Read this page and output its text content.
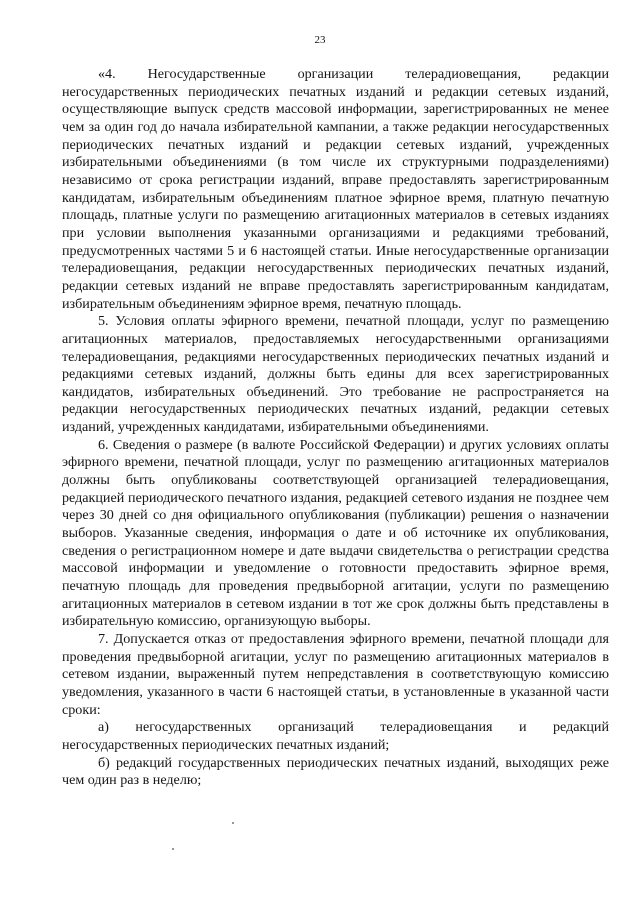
23

«4. Негосударственные организации телерадиовещания, редакции негосударственных периодических печатных изданий и редакции сетевых изданий, осуществляющие выпуск средств массовой информации, зарегистрированных не менее чем за один год до начала избирательной кампании, а также редакции негосударственных периодических печатных изданий и редакции сетевых изданий, учрежденных избирательными объединениями (в том числе их структурными подразделениями) независимо от срока регистрации изданий, вправе предоставлять зарегистрированным кандидатам, избирательным объединениям платное эфирное время, платную печатную площадь, платные услуги по размещению агитационных материалов в сетевых изданиях при условии выполнения указанными организациями и редакциями требований, предусмотренных частями 5 и 6 настоящей статьи. Иные негосударственные организации телерадиовещания, редакции негосударственных периодических печатных изданий, редакции сетевых изданий не вправе предоставлять зарегистрированным кандидатам, избирательным объединениям эфирное время, печатную площадь.

5. Условия оплаты эфирного времени, печатной площади, услуг по размещению агитационных материалов, предоставляемых негосударственными организациями телерадиовещания, редакциями негосударственных периодических печатных изданий и редакциями сетевых изданий, должны быть едины для всех зарегистрированных кандидатов, избирательных объединений. Это требование не распространяется на редакции негосударственных периодических печатных изданий, редакции сетевых изданий, учрежденных кандидатами, избирательными объединениями.

6. Сведения о размере (в валюте Российской Федерации) и других условиях оплаты эфирного времени, печатной площади, услуг по размещению агитационных материалов должны быть опубликованы соответствующей организацией телерадиовещания, редакцией периодического печатного издания, редакцией сетевого издания не позднее чем через 30 дней со дня официального опубликования (публикации) решения о назначении выборов. Указанные сведения, информация о дате и об источнике их опубликования, сведения о регистрационном номере и дате выдачи свидетельства о регистрации средства массовой информации и уведомление о готовности предоставить эфирное время, печатную площадь для проведения предвыборной агитации, услуги по размещению агитационных материалов в сетевом издании в тот же срок должны быть представлены в избирательную комиссию, организующую выборы.

7. Допускается отказ от предоставления эфирного времени, печатной площади для проведения предвыборной агитации, услуг по размещению агитационных материалов в сетевом издании, выраженный путем непредставления в соответствующую комиссию уведомления, указанного в части 6 настоящей статьи, в установленные в указанной части сроки:

а) негосударственных организаций телерадиовещания и редакций негосударственных периодических печатных изданий;

б) редакций государственных периодических печатных изданий, выходящих реже чем один раз в неделю;
